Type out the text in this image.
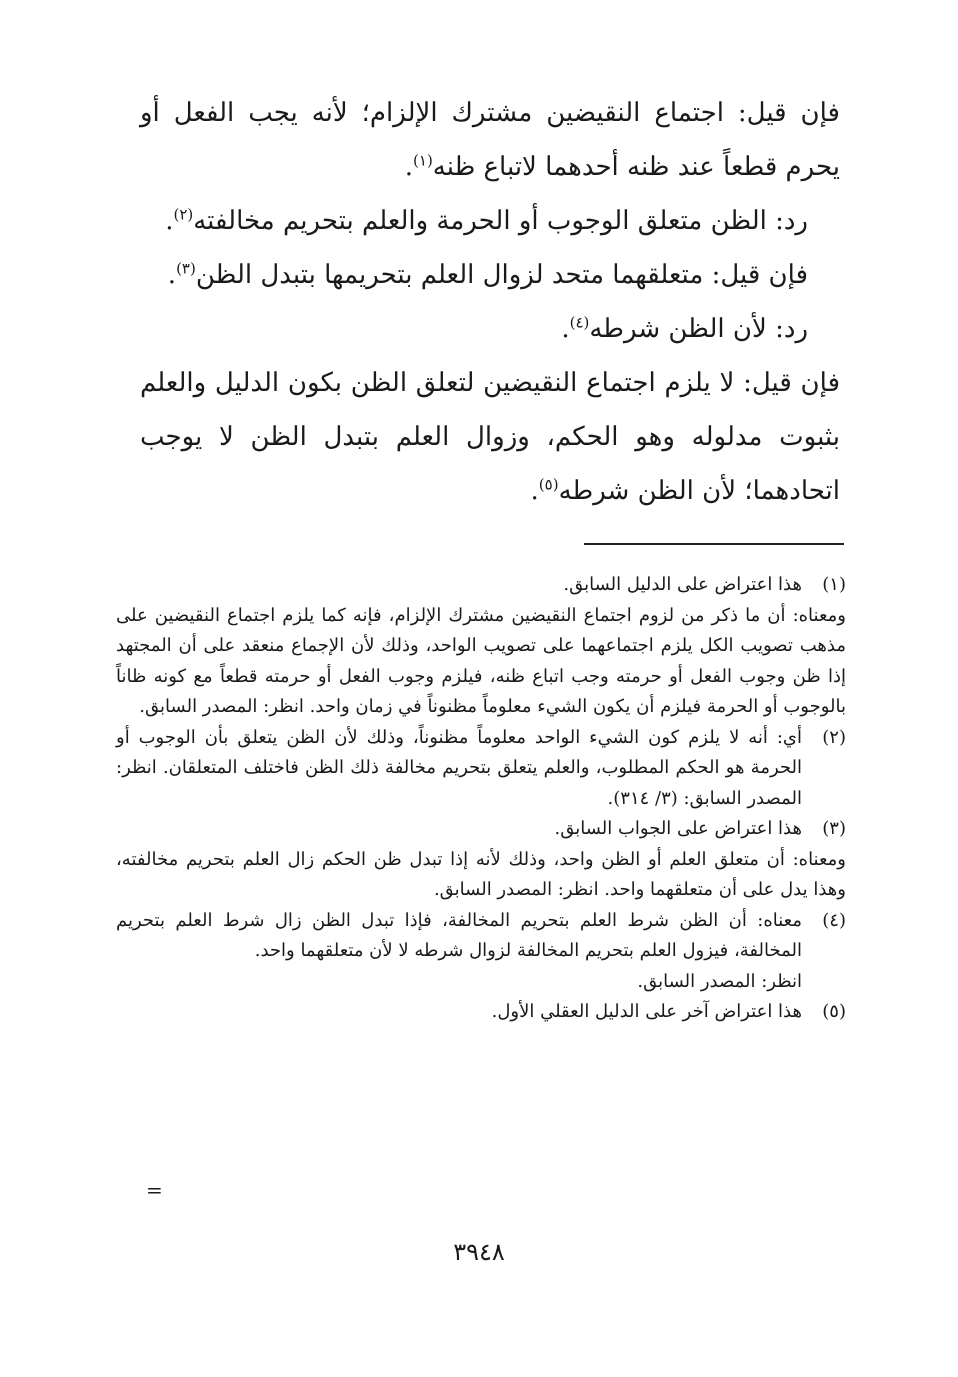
فإن قيل: اجتماع النقيضين مشترك الإلزام؛ لأنه يجب الفعل أو يحرم قطعاً عند ظنه أحدهما لاتباع ظنه$^{(١)}$.

رد: الظن متعلق الوجوب أو الحرمة والعلم بتحريم مخالفته$^{(٢)}$.

فإن قيل: متعلقهما متحد لزوال العلم بتحريمها بتبدل الظن$^{(٣)}$.

رد: لأن الظن شرطه$^{(٤)}$.

فإن قيل: لا يلزم اجتماع النقيضين لتعلق الظن بكون الدليل والعلم بثبوت مدلوله وهو الحكم، وزوال العلم بتبدل الظن لا يوجب اتحادهما؛ لأن الظن شرطه$^{(٥)}$.

(١)
هذا اعتراض على الدليل السابق.

ومعناه: أن ما ذكر من لزوم اجتماع النقيضين مشترك الإلزام، فإنه كما يلزم اجتماع النقيضين على مذهب تصويب الكل يلزم اجتماعهما على تصويب الواحد، وذلك لأن الإجماع منعقد على أن المجتهد إذا ظن وجوب الفعل أو حرمته وجب اتباع ظنه، فيلزم وجوب الفعل أو حرمته قطعاً مع كونه ظاناً بالوجوب أو الحرمة فيلزم أن يكون الشيء معلوماً مظنوناً في زمان واحد. انظر: المصدر السابق.

(٢)
أي: أنه لا يلزم كون الشيء الواحد معلوماً مظنوناً، وذلك لأن الظن يتعلق بأن الوجوب أو الحرمة هو الحكم المطلوب، والعلم يتعلق بتحريم مخالفة ذلك الظن فاختلف المتعلقان. انظر: المصدر السابق: (٣/ ٣١٤).
(٣)
هذا اعتراض على الجواب السابق.

ومعناه: أن متعلق العلم أو الظن واحد، وذلك لأنه إذا تبدل ظن الحكم زال العلم بتحريم مخالفته، وهذا يدل على أن متعلقهما واحد. انظر: المصدر السابق.

(٤)
معناه: أن الظن شرط العلم بتحريم المخالفة، فإذا تبدل الظن زال شرط العلم بتحريم المخالفة، فيزول العلم بتحريم المخالفة لزوال شرطه لا لأن متعلقهما واحد.

انظر: المصدر السابق.

(٥)
هذا اعتراض آخر على الدليل العقلي الأول.
=
٣٩٤٨
